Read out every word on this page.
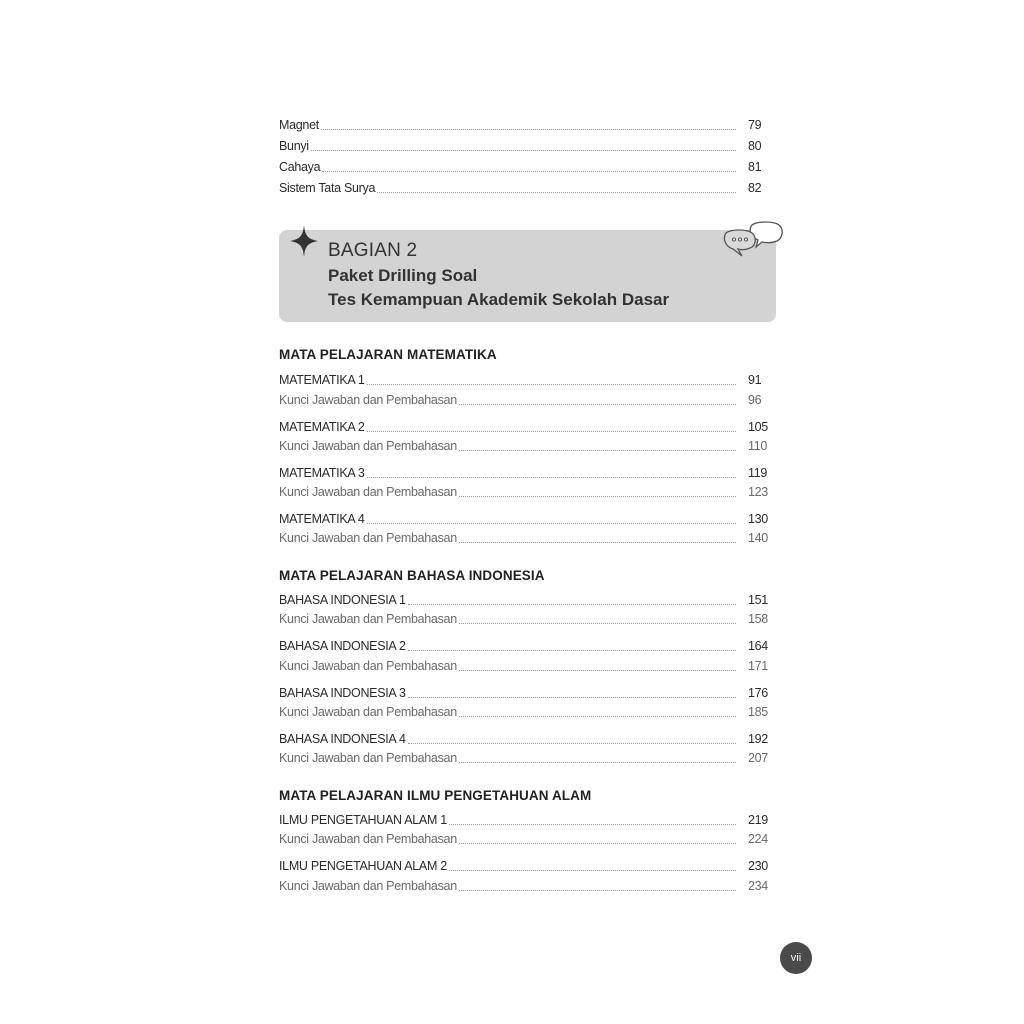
Magnet	79
Bunyi	80
Cahaya	81
Sistem Tata Surya	82
BAGIAN 2
Paket Drilling Soal
Tes Kemampuan Akademik Sekolah Dasar
MATA PELAJARAN MATEMATIKA
MATEMATIKA 1	91
Kunci Jawaban dan Pembahasan	96
MATEMATIKA 2	105
Kunci Jawaban dan Pembahasan	110
MATEMATIKA 3	119
Kunci Jawaban dan Pembahasan	123
MATEMATIKA 4	130
Kunci Jawaban dan Pembahasan	140
MATA PELAJARAN BAHASA INDONESIA
BAHASA INDONESIA 1	151
Kunci Jawaban dan Pembahasan	158
BAHASA INDONESIA 2	164
Kunci Jawaban dan Pembahasan	171
BAHASA INDONESIA 3	176
Kunci Jawaban dan Pembahasan	185
BAHASA INDONESIA 4	192
Kunci Jawaban dan Pembahasan	207
MATA PELAJARAN ILMU PENGETAHUAN ALAM
ILMU PENGETAHUAN ALAM 1	219
Kunci Jawaban dan Pembahasan	224
ILMU PENGETAHUAN ALAM 2	230
Kunci Jawaban dan Pembahasan	234
vii
